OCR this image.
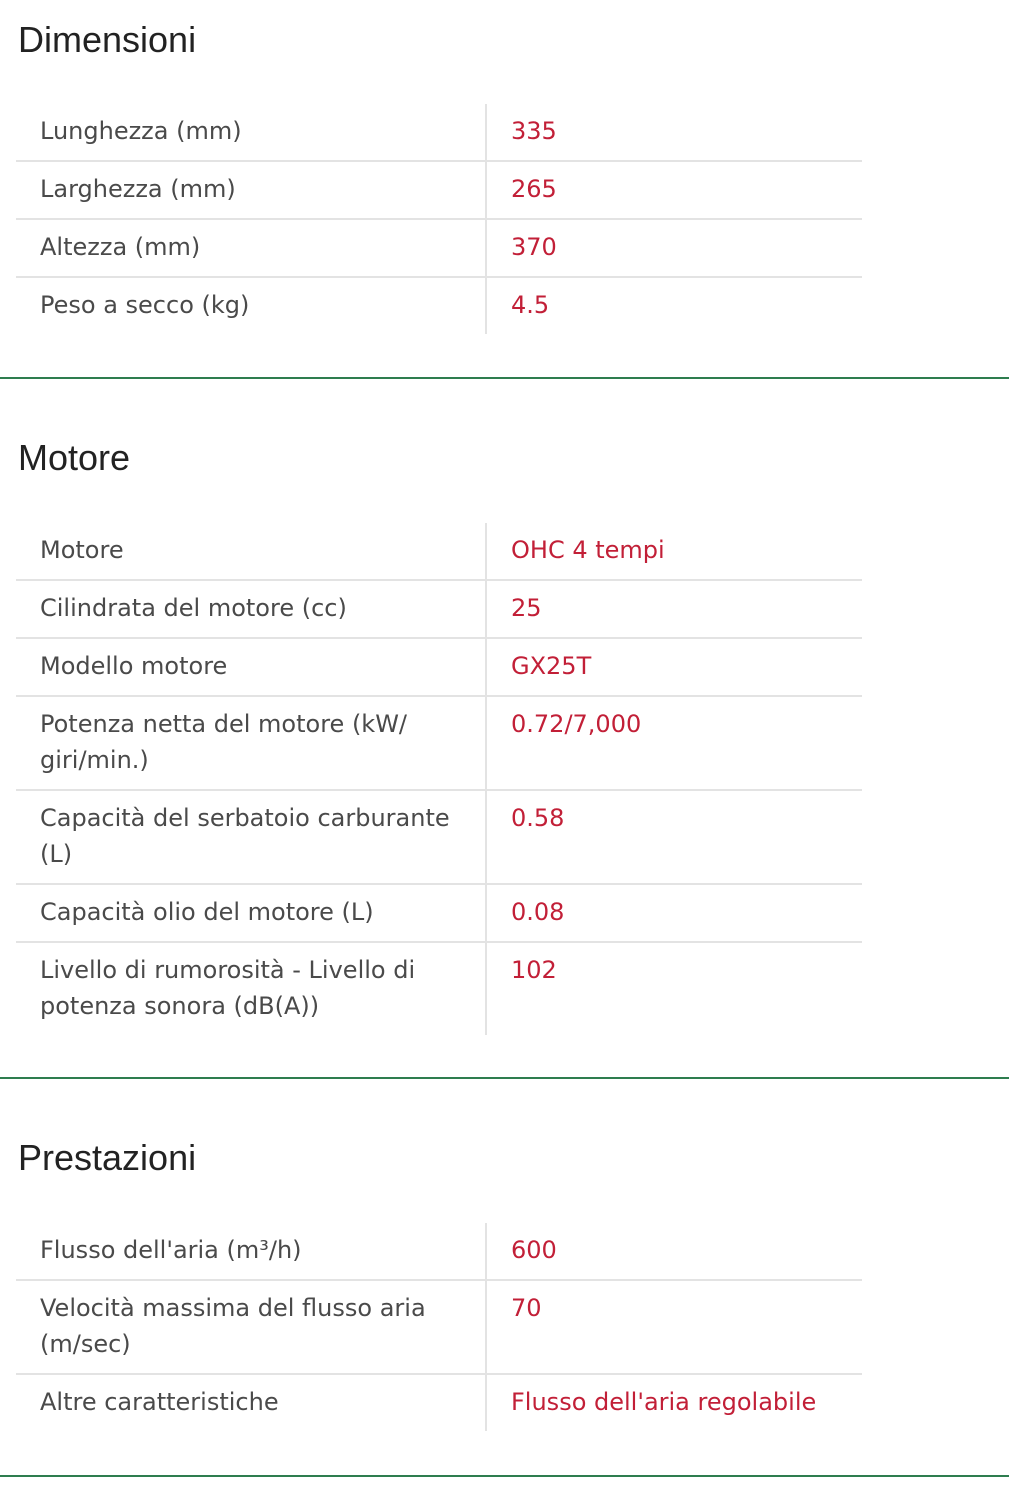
Dimensioni
Lunghezza (mm)	335
Larghezza (mm)	265
Altezza (mm)	370
Peso a secco (kg)	4.5
Motore
Motore	OHC 4 tempi
Cilindrata del motore (cc)	25
Modello motore	GX25T
Potenza netta del motore (kW/ giri/min.)	0.72/7,000
Capacità del serbatoio carburante (L)	0.58
Capacità olio del motore (L)	0.08
Livello di rumorosità - Livello di potenza sonora (dB(A))	102
Prestazioni
Flusso dell'aria (m³/h)	600
Velocità massima del flusso aria (m/sec)	70
Altre caratteristiche	Flusso dell'aria regolabile
